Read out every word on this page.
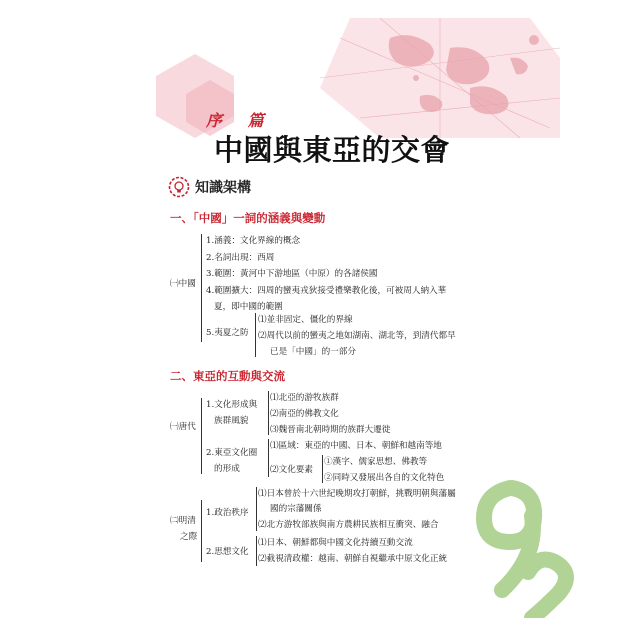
序 篇
中國與東亞的交會
知識架構
一、「中國」一詞的涵義與變動
㈠中國
1.涵義：文化界線的概念
2.名詞出現：西周
3.範圍：黃河中下游地區（中原）的各諸侯國
4.範圍擴大：四周的蠻夷戎狄接受禮樂教化後，可被周人納入華
夏，即中國的範圍
5.夷夏之防
⑴並非固定、僵化的界線
⑵周代以前的蠻夷之地如湖南、湖北等，到清代都早
已是「中國」的一部分
二、東亞的互動與交流
㈠唐代
1.文化形成與
族群風貌
⑴北亞的游牧族群
⑵南亞的佛教文化
⑶魏晉南北朝時期的族群大遷徙
2.東亞文化圈
的形成
⑴區域：東亞的中國、日本、朝鮮和越南等地
⑵文化要素
①漢字、儒家思想、佛教等
②同時又發展出各自的文化特色
㈡明清
之際
1.政治秩序
⑴日本曾於十六世紀晚期攻打朝鮮，挑戰明朝與藩屬
國的宗藩關係
⑵北方游牧部族與南方農耕民族相互衝突、融合
2.思想文化
⑴日本、朝鮮都與中國文化持續互動交流
⑵截視清政權：越南、朝鮮自視繼承中原文化正統
